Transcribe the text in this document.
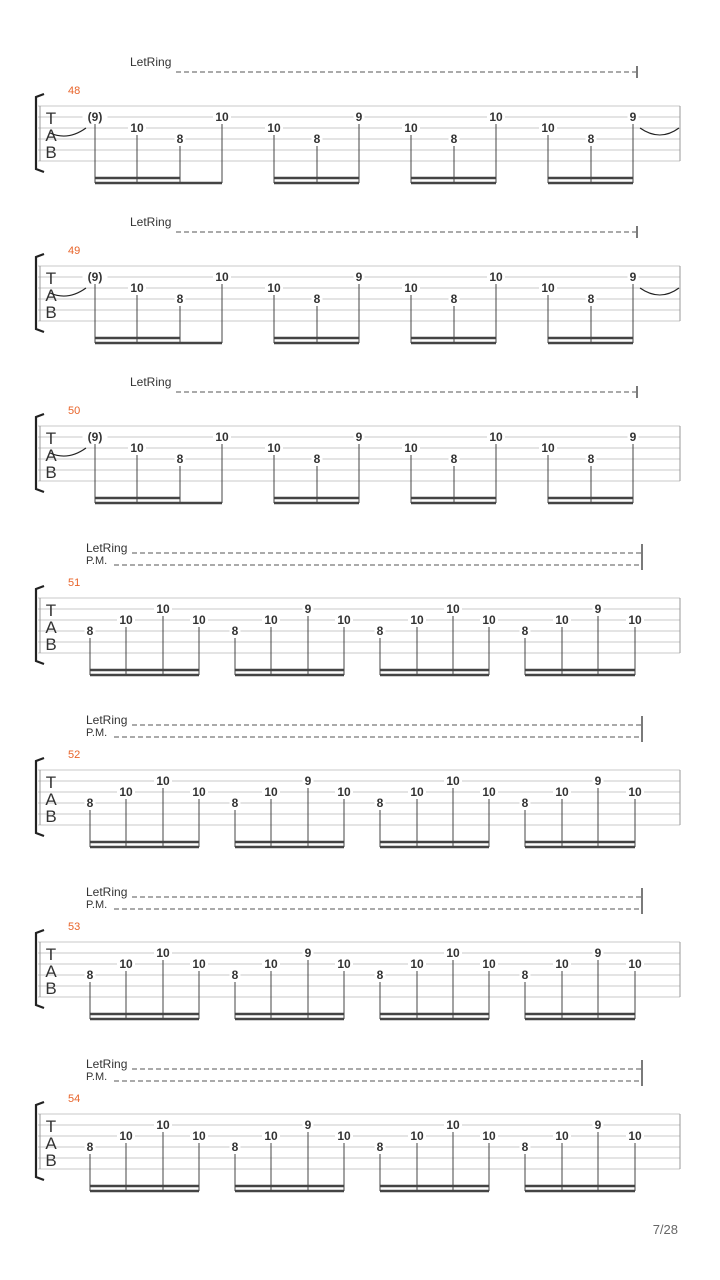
LetRing
48
T
A
B
(9)
10
8
10
10
8
9
10
8
10
10
8
9
LetRing
49
T
A
B
(9)
10
8
10
10
8
9
10
8
10
10
8
9
LetRing
50
T
A
B
(9)
10
8
10
10
8
9
10
8
10
10
8
9
LetRing
P.M.
51
T
A
B
8
10
10
10
8
10
9
10
8
10
10
10
8
10
9
10
LetRing
P.M.
52
T
A
B
8
10
10
10
8
10
9
10
8
10
10
10
8
10
9
10
LetRing
P.M.
53
T
A
B
8
10
10
10
8
10
9
10
8
10
10
10
8
10
9
10
LetRing
P.M.
54
T
A
B
8
10
10
10
8
10
9
10
8
10
10
10
8
10
9
10
7/28
